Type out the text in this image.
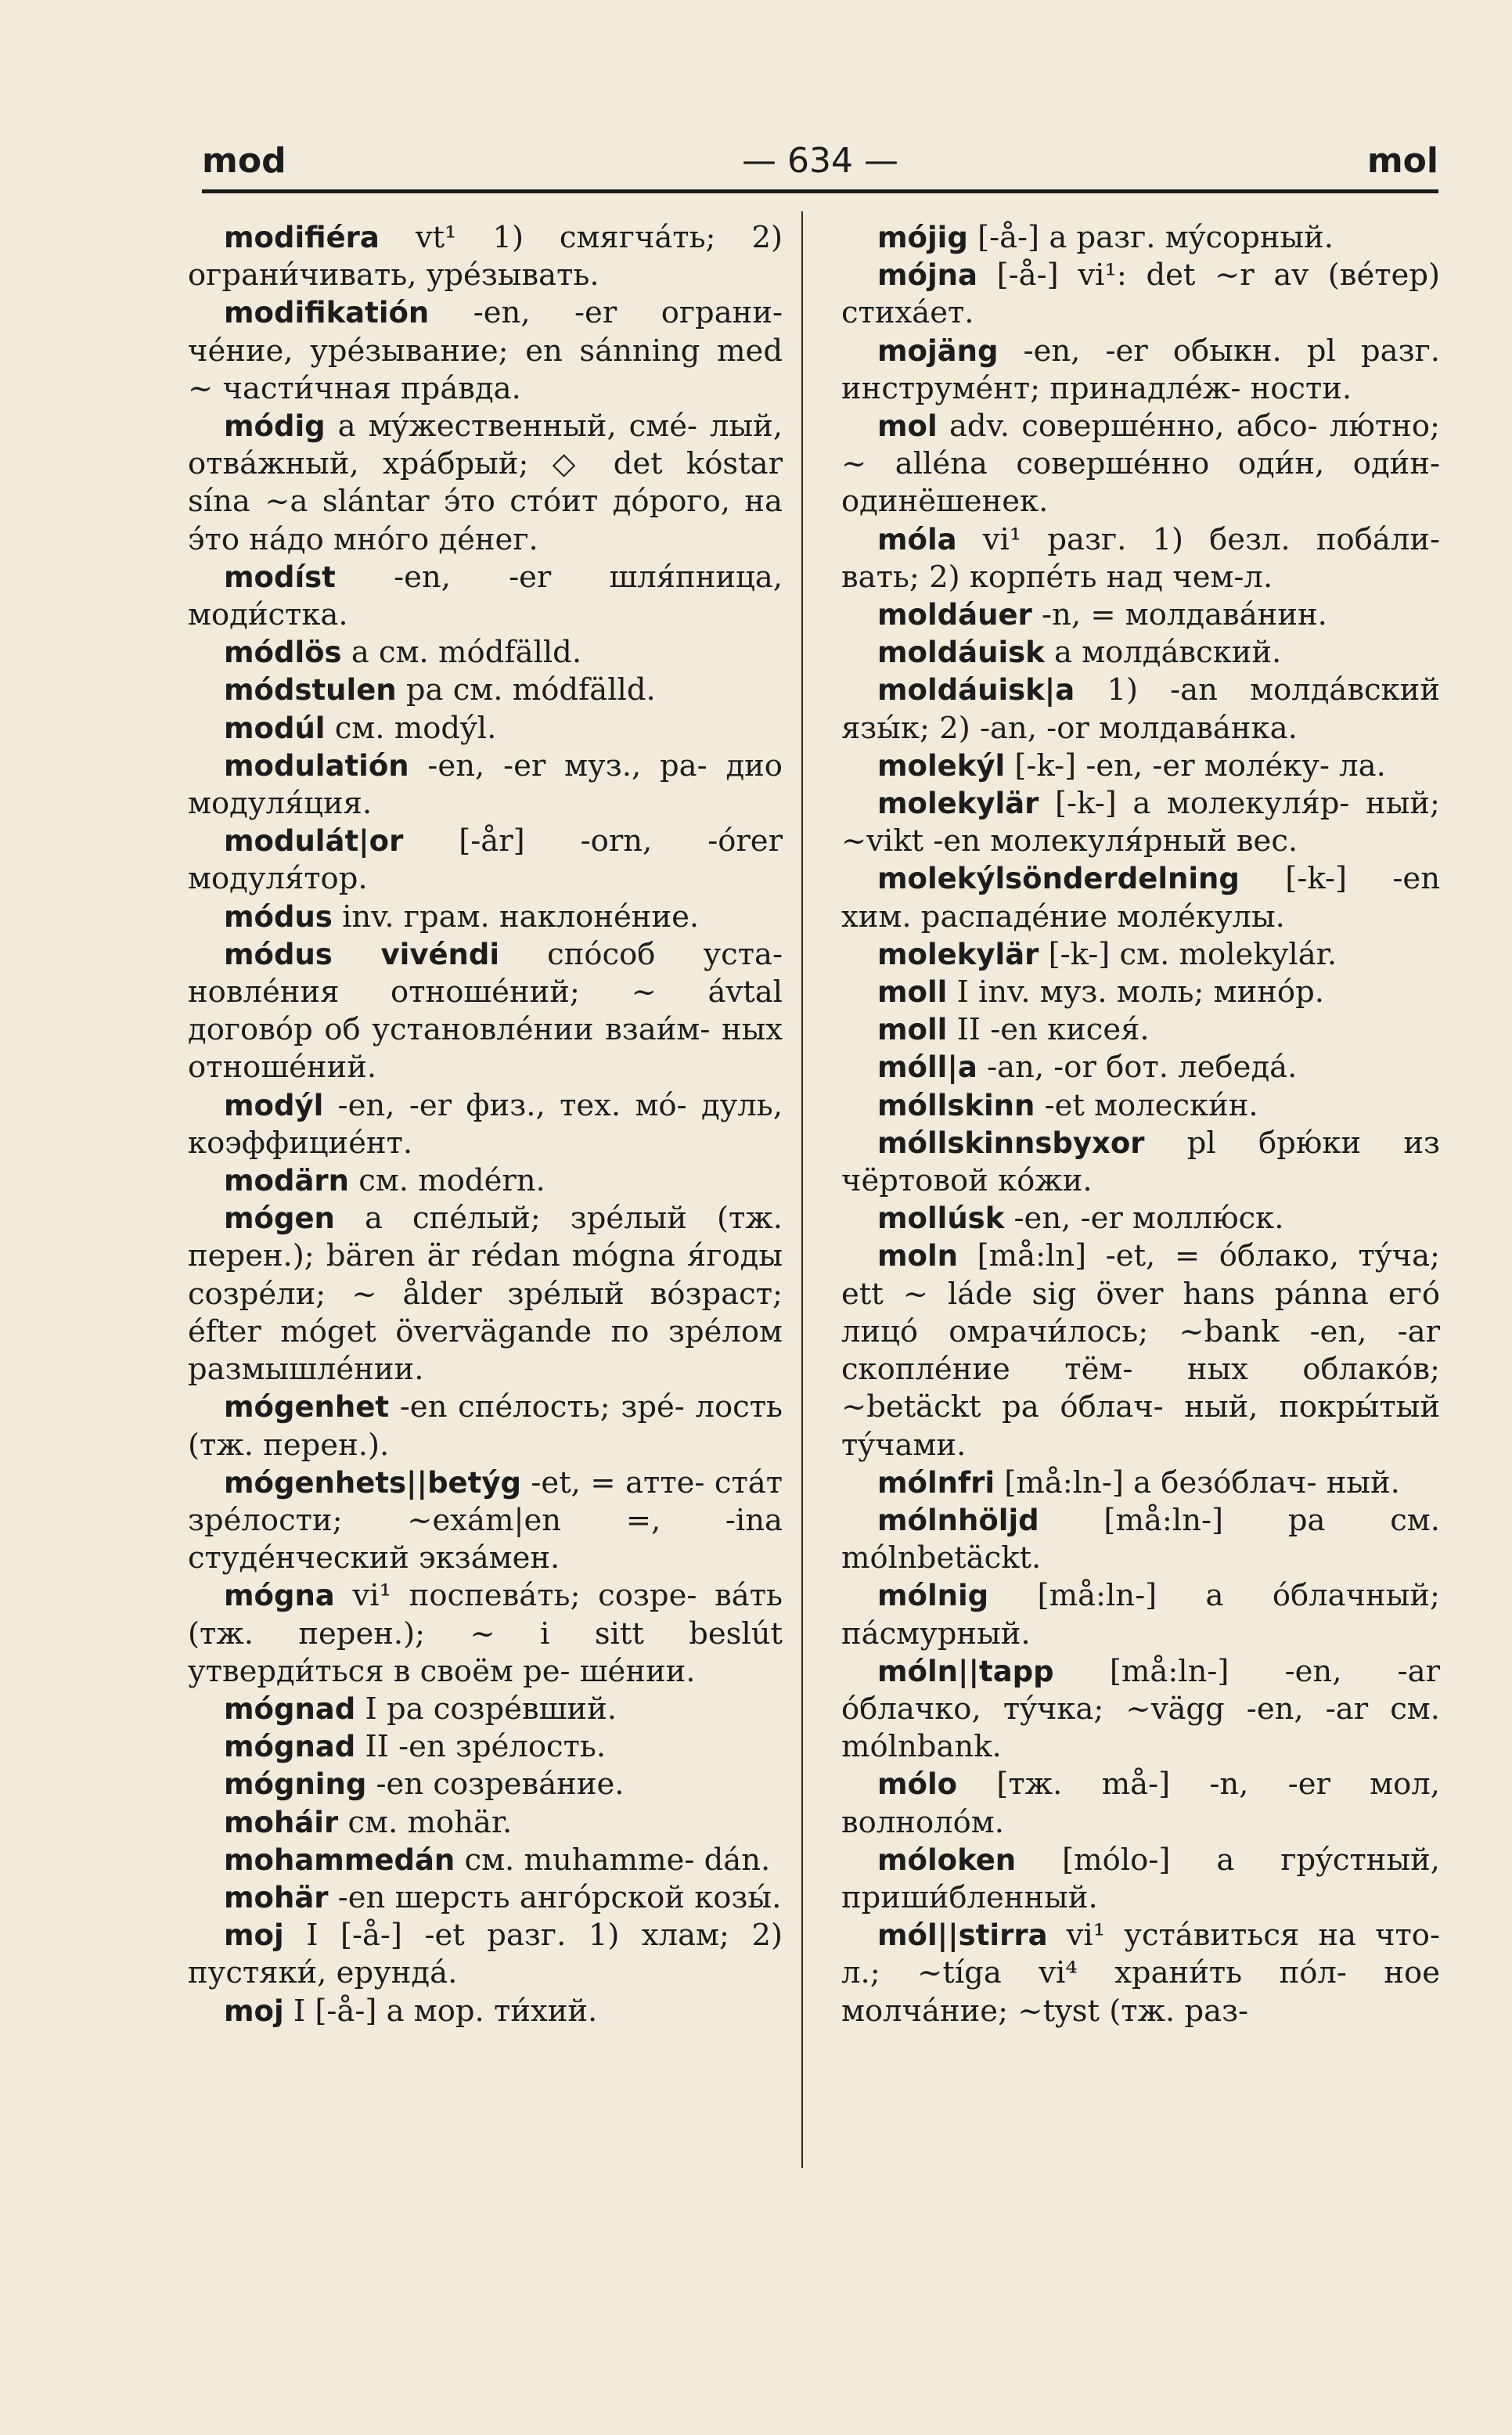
mod	— 634 —	mol

modifiéra vt¹ 1) смягчáть; 2) ограни́чивать, урéзывать.

modifikatión -en, -er ограни- чéние, урéзывание; en sánning med ~ части́чная прáвда.

módig a мýжественный, смé- лый, отвáжный, хрáбрый; ◇ det kóstar sína ~a slántar э́то стóит дóрого, на э́то нáдо мнóго дéнег.

modíst -en, -er шля́пница, моди́стка.

módlös a см. módfälld.

módstulen pa см. módfälld.

modúl см. modýl.

modulatión -en, -er муз., ра- дио модуля́ция.

modulát|or [-år] -orn, -órer модуля́тор.

módus inv. грам. наклонéние.

módus vivéndi спóсоб уста- новлéния отношéний; ~ ávtal договóр об установлéнии взаи́м- ных отношéний.

modýl -en, -er физ., тех. мó- дуль, коэффициéнт.

modärn см. modérn.

mógen a спéлый; зрéлый (тж. перен.); bären är rédan mógna я́годы созрéли; ~ ålder зрéлый вóзраст; éfter móget övervägande по зрéлом размышлéнии.

mógenhet -en спéлость; зрé- лость (тж. перен.).

mógenhets||betýg -et, = атте- стáт зрéлости; ~exám|en =, -ina студéнческий экзáмен.

mógna vi¹ поспевáть; созре- вáть (тж. перен.); ~ i sitt beslút утверди́ться в своём ре- шéнии.

mógnad I pa созрéвший.

mógnad II -en зрéлость.

mógning -en созревáние.

moháir см. mohär.

mohammedán см. muhamme- dán.

mohär -en шерсть ангóрской козы́.

moj I [-å-] -et разг. 1) хлам; 2) пустяки́, ерундá.

moj I [-å-] a мор. ти́хий.

mójig [-å-] a разг. мýсорный.

mójna [-å-] vi¹: det ~r av (вéтер) стихáет.

mojäng -en, -er обыкн. pl разг. инструмéнт; принадлéж- ности.

mol adv. совершéнно, абсо- лю́тно; ~ alléna совершéнно оди́н, оди́н-одинёшенек.

móla vi¹ разг. 1) безл. побáли- вать; 2) корпéть над чем-л.

moldáuer -n, = молдавáнин.

moldáuisk a молдáвский.

moldáuisk|a 1) -an молдáвский язы́к; 2) -an, -or молдавáнка.

molekýl [-k-] -en, -er молéку- ла.

molekylär [-k-] a молекуля́р- ный; ~vikt -en молекуля́рный вес.

molekýlsönderdelning [-k-] -en хим. распадéние молéкулы.

molekylär [-k-] см. molekylár.

moll I inv. муз. моль; минóр.

moll II -en кисея́.

móll|a -an, -or бот. лебедá.

móllskinn -et молески́н.

móllskinnsbyxor pl брю́ки из чёртовой кóжи.

mollúsk -en, -er моллю́ск.

moln [må:ln] -et, = óблако, тýча; ett ~ láde sig över hans pánna егó лицó омрачи́лось; ~bank -en, -ar скоплéние тём- ных облакóв; ~betäckt pa óблач- ный, покры́тый тýчами.

mólnfri [må:ln-] a безóблач- ный.

mólnhöljd [må:ln-] pa см. mólnbetäckt.

mólnig [må:ln-] a óблачный; пáсмурный.

móln||tapp [må:ln-] -en, -ar óблачко, тýчка; ~vägg -en, -ar см. mólnbank.

mólo [тж. må-] -n, -er мол, волнолóм.

móloken [mólo-] a грýстный, приши́бленный.

mól||stirra vi¹ устáвиться на что-л.; ~tíga vi⁴ храни́ть пóл- ное молчáние; ~tyst (тж. раз-
